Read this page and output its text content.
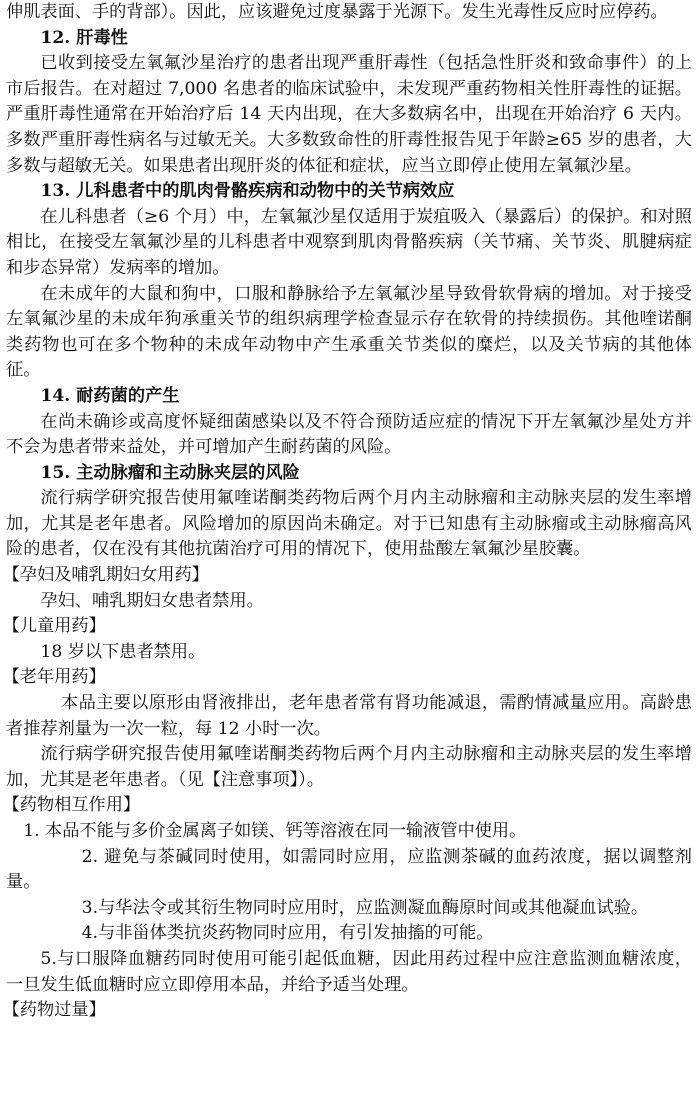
伸肌表面、手的背部）。因此，应该避免过度暴露于光源下。发生光毒性反应时应停药。

12. 肝毒性

已收到接受左氧氟沙星治疗的患者出现严重肝毒性（包括急性肝炎和致命事件）的上市后报告。在对超过 7,000 名患者的临床试验中，未发现严重药物相关性肝毒性的证据。严重肝毒性通常在开始治疗后 14 天内出现，在大多数病名中，出现在开始治疗 6 天内。多数严重肝毒性病名与过敏无关。大多数致命性的肝毒性报告见于年龄≥65 岁的患者，大多数与超敏无关。如果患者出现肝炎的体征和症状，应当立即停止使用左氧氟沙星。

13. 儿科患者中的肌肉骨骼疾病和动物中的关节病效应

在儿科患者（≥6 个月）中，左氧氟沙星仅适用于炭疽吸入（暴露后）的保护。和对照相比，在接受左氧氟沙星的儿科患者中观察到肌肉骨骼疾病（关节痛、关节炎、肌腱病症和步态异常）发病率的增加。

在未成年的大鼠和狗中，口服和静脉给予左氧氟沙星导致骨软骨病的增加。对于接受左氧氟沙星的未成年狗承重关节的组织病理学检查显示存在软骨的持续损伤。其他喹诺酮类药物也可在多个物种的未成年动物中产生承重关节类似的糜烂，以及关节病的其他体征。

14. 耐药菌的产生

在尚未确诊或高度怀疑细菌感染以及不符合预防适应症的情况下开左氧氟沙星处方并不会为患者带来益处，并可增加产生耐药菌的风险。

15. 主动脉瘤和主动脉夹层的风险

流行病学研究报告使用氟喹诺酮类药物后两个月内主动脉瘤和主动脉夹层的发生率增加，尤其是老年患者。风险增加的原因尚未确定。对于已知患有主动脉瘤或主动脉瘤高风险的患者，仅在没有其他抗菌治疗可用的情况下，使用盐酸左氧氟沙星胶囊。

【孕妇及哺乳期妇女用药】

孕妇、哺乳期妇女患者禁用。

【儿童用药】

18 岁以下患者禁用。

【老年用药】

本品主要以原形由肾液排出，老年患者常有肾功能减退，需酌情减量应用。高龄患者推荐剂量为一次一粒，每 12 小时一次。

流行病学研究报告使用氟喹诺酮类药物后两个月内主动脉瘤和主动脉夹层的发生率增加，尤其是老年患者。（见【注意事项】）。

【药物相互作用】

1. 本品不能与多价金属离子如镁、钙等溶液在同一输液管中使用。

2. 避免与茶碱同时使用，如需同时应用，应监测茶碱的血药浓度，据以调整剂量。

3.与华法令或其衍生物同时应用时，应监测凝血酶原时间或其他凝血试验。

4.与非甾体类抗炎药物同时应用，有引发抽搐的可能。

5.与口服降血糖药同时使用可能引起低血糖，因此用药过程中应注意监测血糖浓度，一旦发生低血糖时应立即停用本品，并给予适当处理。

【药物过量】
